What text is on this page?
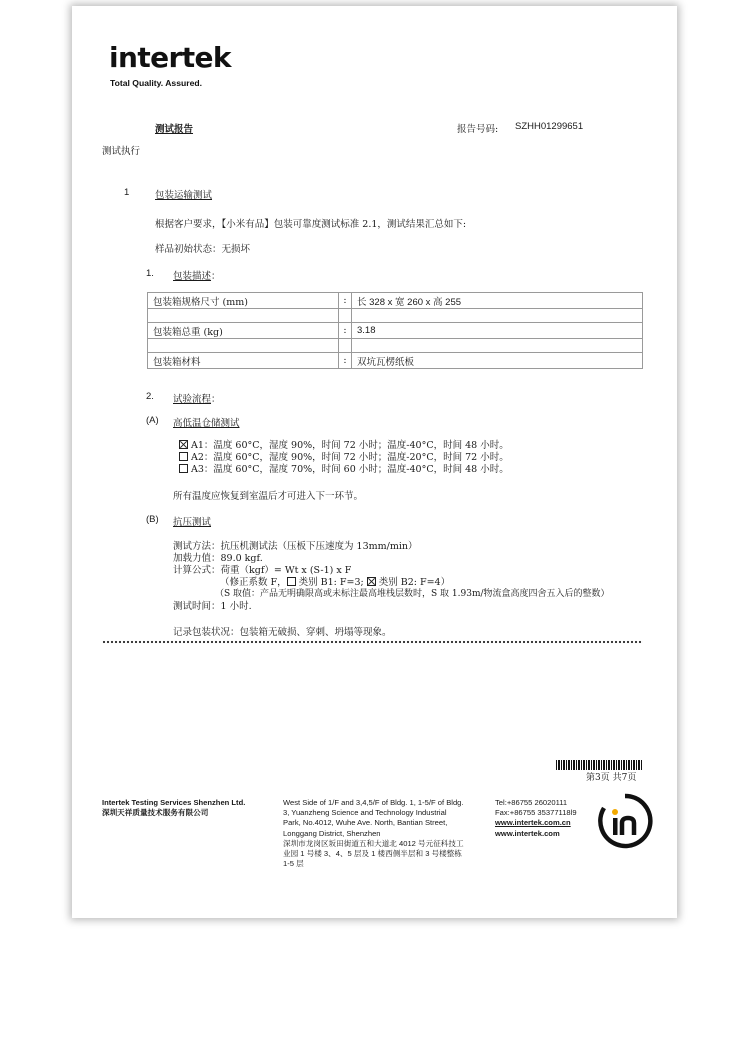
intertek
Total Quality. Assured.
测试报告	报告号码: SZHH01299651
测试执行
1	包装运输测试
根据客户要求，【小米有品】包装可靠度测试标准 2.1，测试结果汇总如下:
样品初始状态：无损坏
1. 包装描述：
包装箱规格尺寸 (mm)	:	长 328 x 宽 260 x 高 255

包装箱总重 (kg)	:	3.18

包装箱材料	:	双坑瓦楞纸板
2. 试验流程：
(A) 高低温仓储测试
A1：温度 60°C，湿度 90%，时间 72 小时；温度-40°C，时间 48 小时。
A2：温度 60°C，湿度 90%，时间 72 小时；温度-20°C，时间 72 小时。
A3：温度 60°C，湿度 70%，时间 60 小时；温度-40°C，时间 48 小时。
所有温度应恢复到室温后才可进入下一环节。
(B) 抗压测试
测试方法：抗压机测试法（压板下压速度为 13mm/min）
加载力值：89.0 kgf.
计算公式：荷重（kgf）= Wt x (S-1) x F
（修正系数 F， 类别 B1: F=3; 类别 B2: F=4）
（S 取值：产品无明确限高或未标注最高堆栈层数时，S 取 1.93m/物流盒高度四舍五入后的整数）
测试时间：1 小时.
记录包装状况：包装箱无破损、穿刺、坍塌等现象。
第3页 共7页
Intertek Testing Services Shenzhen Ltd.
深圳天祥质量技术服务有限公司
West Side of 1/F and 3,4,5/F of Bldg. 1, 1-5/F of Bldg.
3, Yuanzheng Science and Technology Industrial
Park, No.4012, Wuhe Ave. North, Bantian Street,
Longgang District, Shenzhen
深圳市龙岗区坂田街道五和大道北 4012 号元征科技工
业园 1 号楼 3、4、5 层及 1 楼西侧半层和 3 号楼整栋
1-5 层
Tel:+86755 26020111
Fax:+86755 35377118l9
www.intertek.com.cn
www.intertek.com
